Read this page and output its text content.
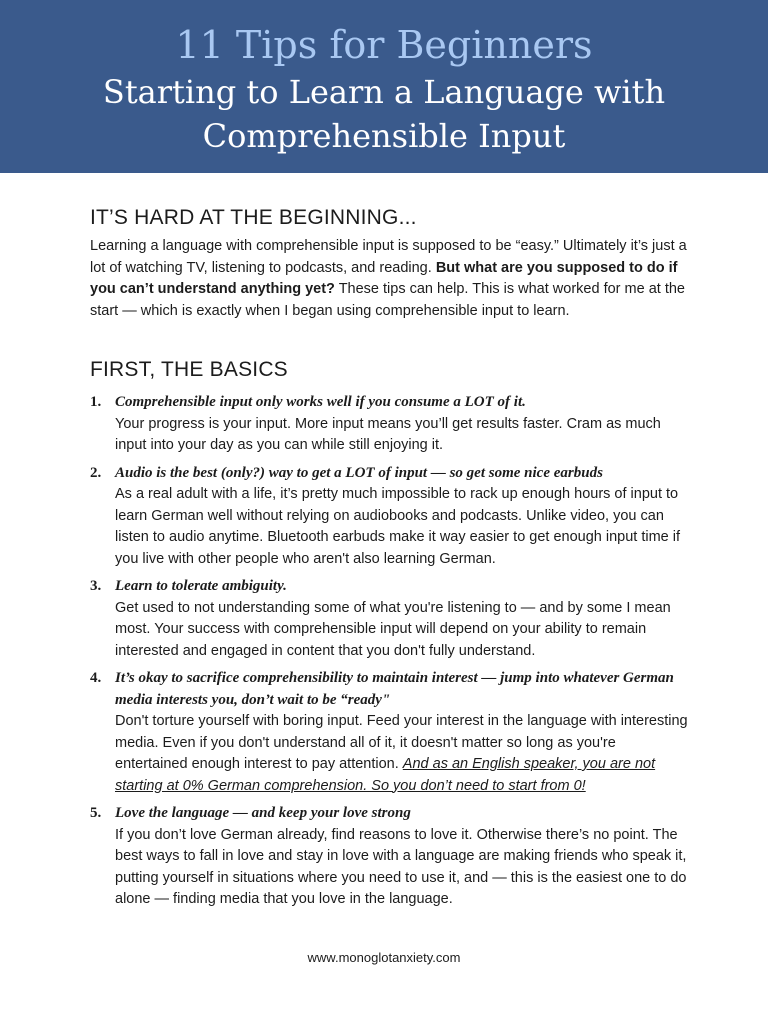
11 Tips for Beginners
Starting to Learn a Language with Comprehensible Input
IT’S HARD AT THE BEGINNING...

Learning a language with comprehensible input is supposed to be “easy.” Ultimately it’s just a lot of watching TV, listening to podcasts, and reading. But what are you supposed to do if you can’t understand anything yet? These tips can help. This is what worked for me at the start — which is exactly when I began using comprehensible input to learn.

FIRST, THE BASICS
1. Comprehensible input only works well if you consume a LOT of it.
Your progress is your input. More input means you’ll get results faster. Cram as much input into your day as you can while still enjoying it.
2. Audio is the best (only?) way to get a LOT of input — so get some nice earbuds
As a real adult with a life, it’s pretty much impossible to rack up enough hours of input to learn German well without relying on audiobooks and podcasts. Unlike video, you can listen to audio anytime. Bluetooth earbuds make it way easier to get enough input time if you live with other people who aren't also learning German.
3. Learn to tolerate ambiguity.
Get used to not understanding some of what you're listening to — and by some I mean most. Your success with comprehensible input will depend on your ability to remain interested and engaged in content that you don't fully understand.
4. It’s okay to sacrifice comprehensibility to maintain interest — jump into whatever German media interests you, don’t wait to be “ready"
Don't torture yourself with boring input. Feed your interest in the language with interesting media. Even if you don't understand all of it, it doesn't matter so long as you're entertained enough interest to pay attention. And as an English speaker, you are not starting at 0% German comprehension. So you don’t need to start from 0!
5. Love the language — and keep your love strong
If you don’t love German already, find reasons to love it. Otherwise there’s no point. The best ways to fall in love and stay in love with a language are making friends who speak it, putting yourself in situations where you need to use it, and — this is the easiest one to do alone — finding media that you love in the language.
www.monoglotanxiety.com
